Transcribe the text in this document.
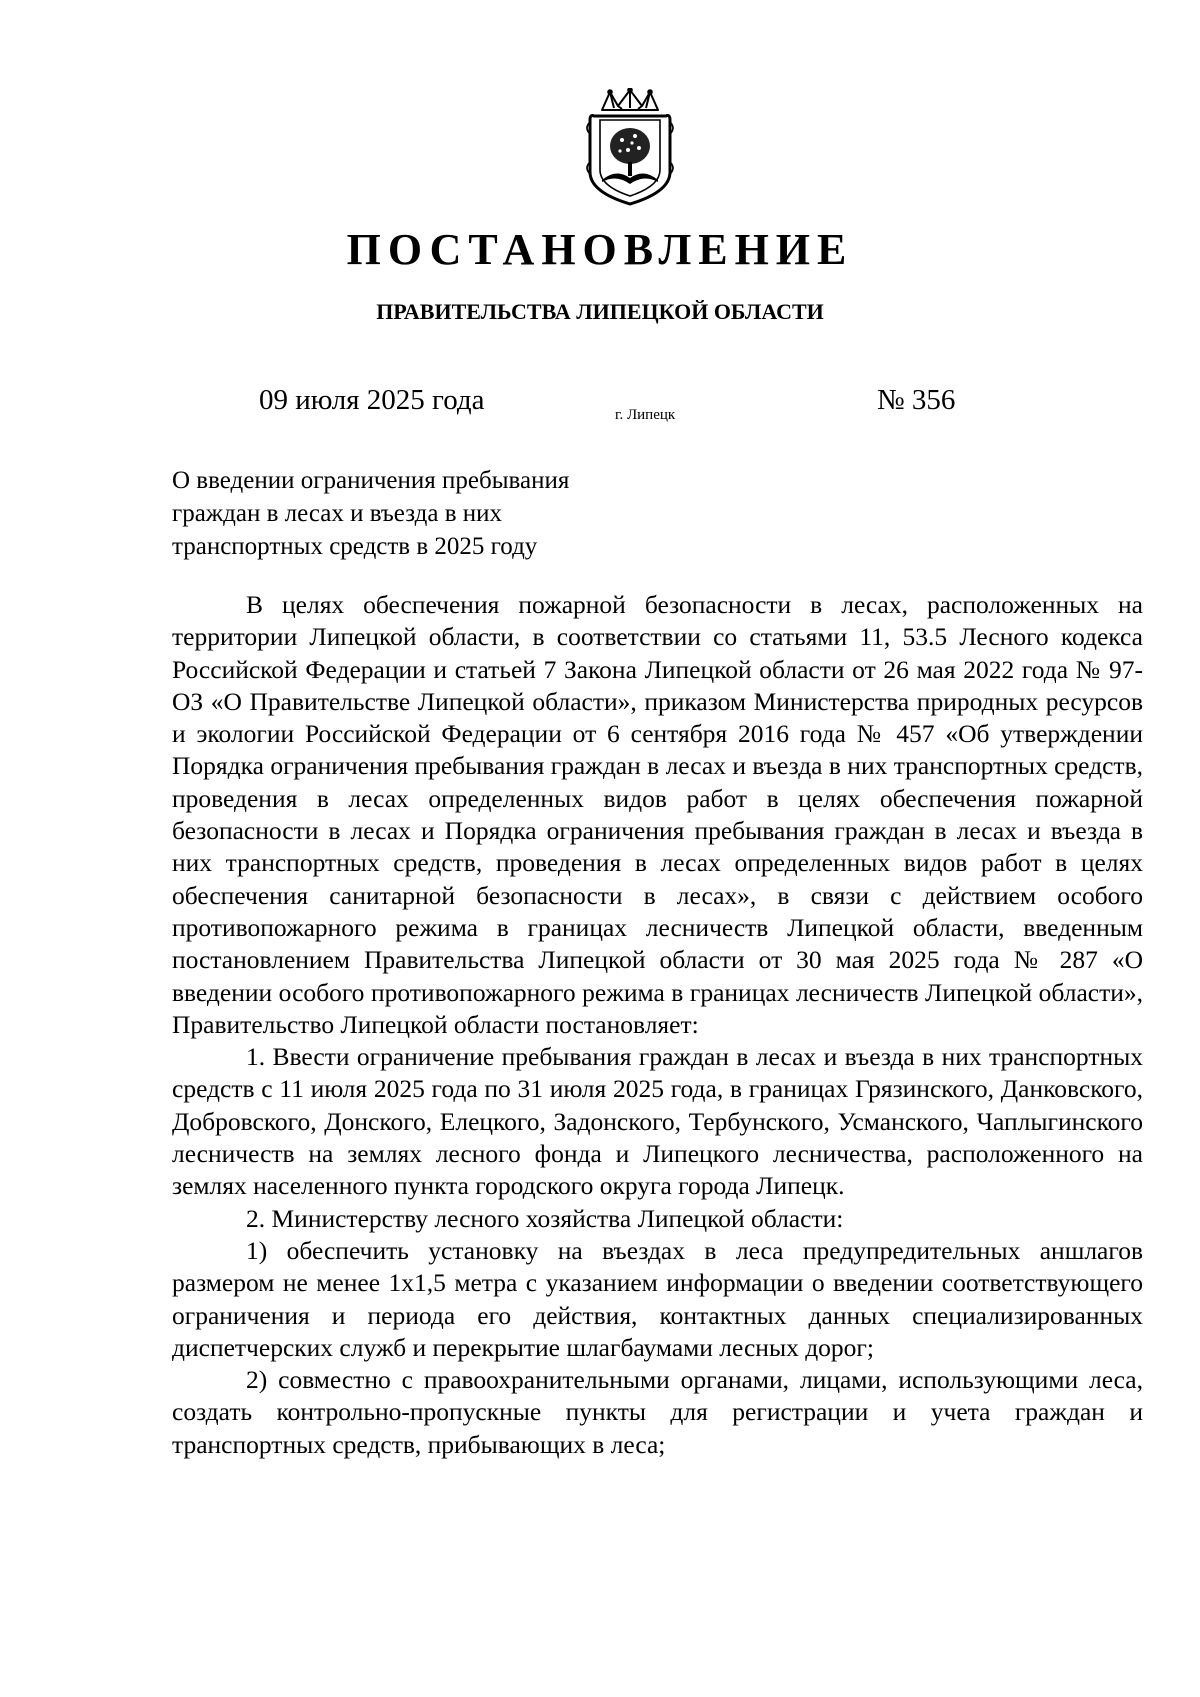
ПОСТАНОВЛЕНИЕ
ПРАВИТЕЛЬСТВА ЛИПЕЦКОЙ ОБЛАСТИ
09 июля 2025 года	г. Липецк	№ 356
О введении ограничения пребывания
граждан в лесах и въезда в них
транспортных средств в 2025 году

В целях обеспечения пожарной безопасности в лесах, расположенных на территории Липецкой области, в соответствии со статьями 11, 53.5 Лесного кодекса Российской Федерации и статьей 7 Закона Липецкой области от 26 мая 2022 года № 97-ОЗ «О Правительстве Липецкой области», приказом Министерства природных ресурсов и экологии Российской Федерации от 6 сентября 2016 года № 457 «Об утверждении Порядка ограничения пребывания граждан в лесах и въезда в них транспортных средств, проведения в лесах определенных видов работ в целях обеспечения пожарной безопасности в лесах и Порядка ограничения пребывания граждан в лесах и въезда в них транспортных средств, проведения в лесах определенных видов работ в целях обеспечения санитарной безопасности в лесах», в связи с действием особого противопожарного режима в границах лесничеств Липецкой области, введенным постановлением Правительства Липецкой области от 30 мая 2025 года № 287 «О введении особого противопожарного режима в границах лесничеств Липецкой области», Правительство Липецкой области постановляет:

1. Ввести ограничение пребывания граждан в лесах и въезда в них транспортных средств с 11 июля 2025 года по 31 июля 2025 года, в границах Грязинского, Данковского, Добровского, Донского, Елецкого, Задонского, Тербунского, Усманского, Чаплыгинского лесничеств на землях лесного фонда и Липецкого лесничества, расположенного на землях населенного пункта городского округа города Липецк.

2. Министерству лесного хозяйства Липецкой области:

1) обеспечить установку на въездах в леса предупредительных аншлагов размером не менее 1х1,5 метра с указанием информации о введении соответствующего ограничения и периода его действия, контактных данных специализированных диспетчерских служб и перекрытие шлагбаумами лесных дорог;

2) совместно с правоохранительными органами, лицами, использующими леса, создать контрольно-пропускные пункты для регистрации и учета граждан и транспортных средств, прибывающих в леса;
